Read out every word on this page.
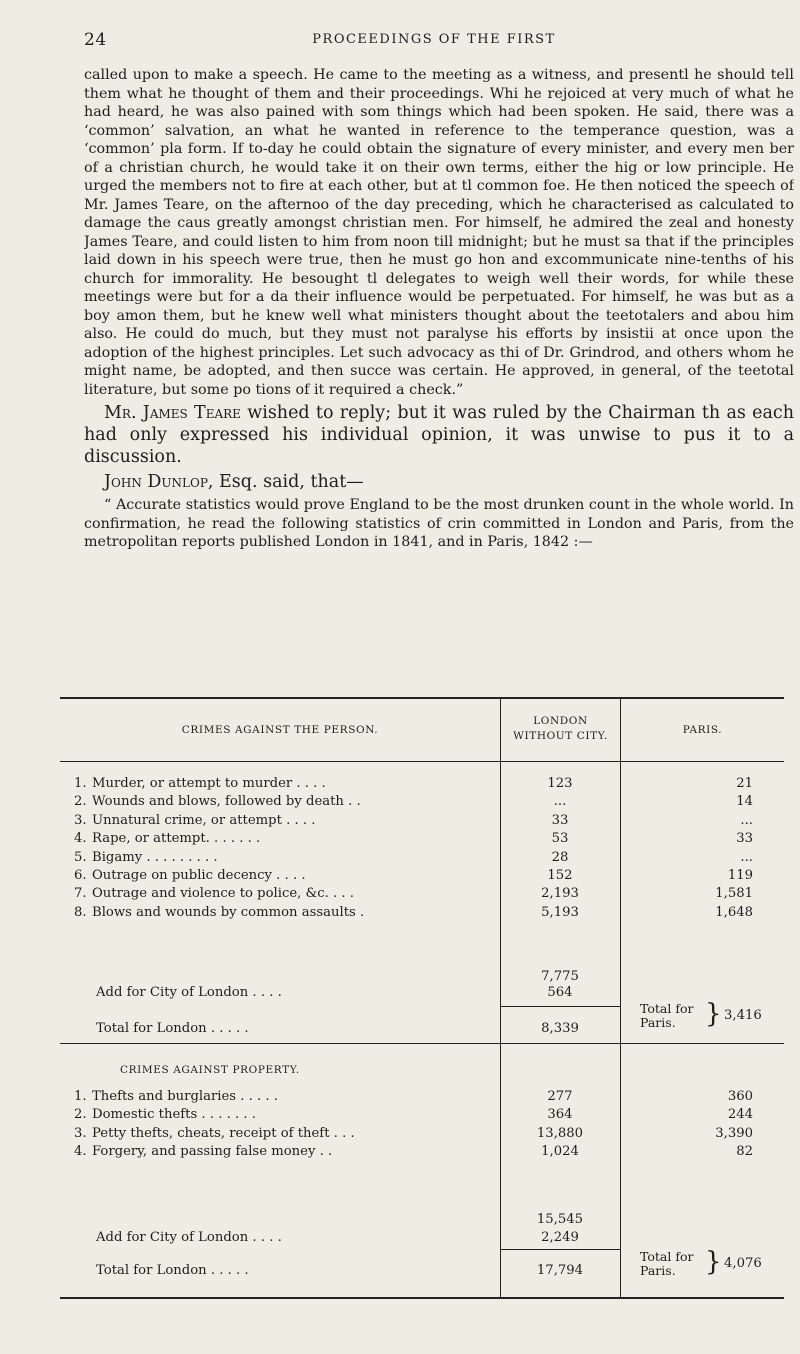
24	PROCEEDINGS OF THE FIRST

called upon to make a speech. He came to the meeting as a witness, and presentl he should tell them what he thought of them and their proceedings. Whi he rejoiced at very much of what he had heard, he was also pained with som things which had been spoken. He said, there was a ‘common’ salvation, an what he wanted in reference to the temperance question, was a ‘common’ pla form. If to-day he could obtain the signature of every minister, and every men ber of a christian church, he would take it on their own terms, either the hig or low principle. He urged the members not to fire at each other, but at tl common foe. He then noticed the speech of Mr. James Teare, on the afternoo of the day preceding, which he characterised as calculated to damage the caus greatly amongst christian men. For himself, he admired the zeal and honesty James Teare, and could listen to him from noon till midnight; but he must sa that if the principles laid down in his speech were true, then he must go hon and excommunicate nine-tenths of his church for immorality. He besought tl delegates to weigh well their words, for while these meetings were but for a da their influence would be perpetuated. For himself, he was but as a boy amon them, but he knew well what ministers thought about the teetotalers and abou him also. He could do much, but they must not paralyse his efforts by insistii at once upon the adoption of the highest principles. Let such advocacy as thi of Dr. Grindrod, and others whom he might name, be adopted, and then succe was certain. He approved, in general, of the teetotal literature, but some po tions of it required a check.”

Mr. James Teare wished to reply; but it was ruled by the Chairman th as each had only expressed his individual opinion, it was unwise to pus it to a discussion.

John Dunlop, Esq. said, that—

“ Accurate statistics would prove England to be the most drunken count in the whole world. In confirmation, he read the following statistics of crin committed in London and Paris, from the metropolitan reports published London in 1841, and in Paris, 1842 :—

CRIMES AGAINST THE PERSON.
LONDON
WITHOUT CITY.	PARIS.
1. Murder, or attempt to murder . . . .	123	21
2. Wounds and blows, followed by death . .	...	14
3. Unnatural crime, or attempt . . . .	33	...
4. Rape, or attempt. . . . . . .	53	33
5. Bigamy . . . . . . . . .	28	...
6. Outrage on public decency . . . .	152	119
7. Outrage and violence to police, &c. . . .	2,193	1,581
8. Blows and wounds by common assaults .	5,193	1,648
7,775
Add for City of London . . . .	564
Total for London . . . . .	8,339
Total for
Paris.	} 3,416
CRIMES AGAINST PROPERTY.
1. Thefts and burglaries . . . . .	277	360
2. Domestic thefts . . . . . . .	364	244
3. Petty thefts, cheats, receipt of theft . . .	13,880	3,390
4. Forgery, and passing false money . .	1,024	82
15,545
Add for City of London . . . .	2,249
Total for London . . . . .	17,794
Total for
Paris.	} 4,076
